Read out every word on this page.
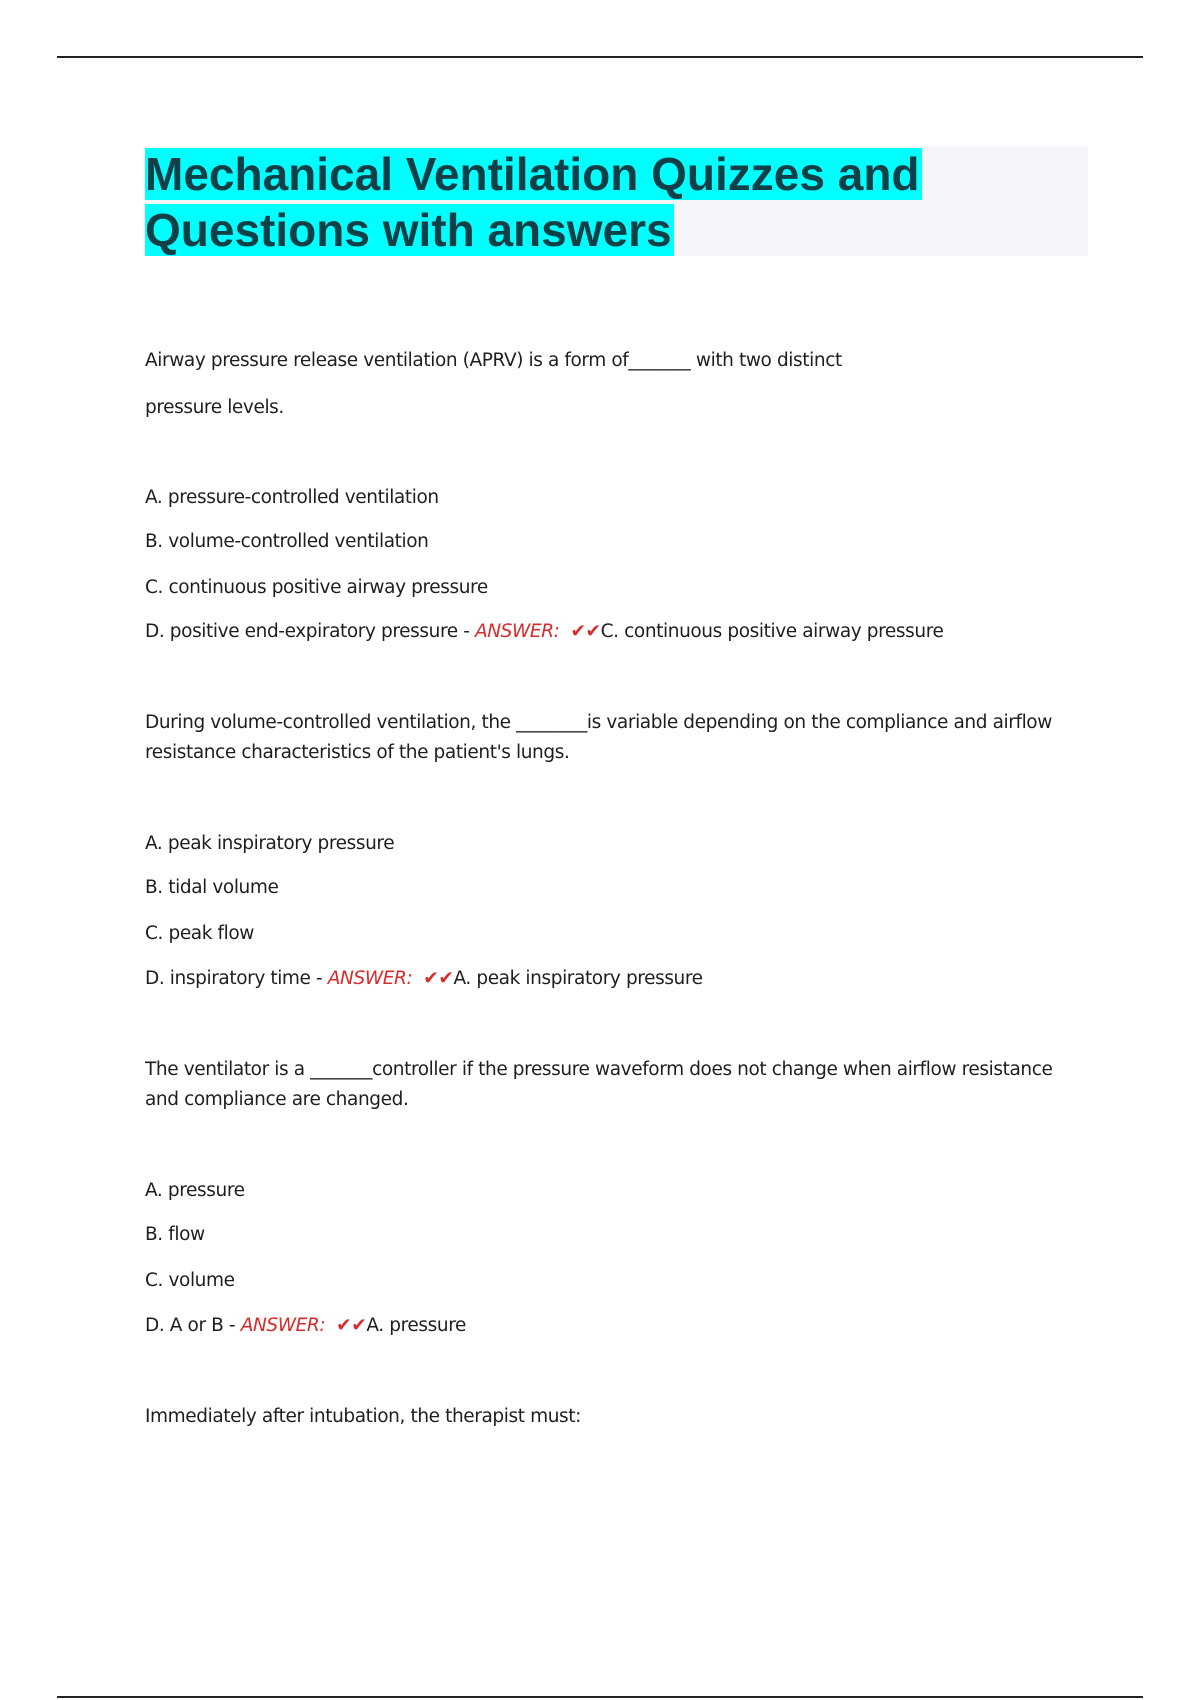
Mechanical Ventilation Quizzes and
Questions with answers

Airway pressure release ventilation (APRV) is a form of_______ with two distinct

pressure levels.

A. pressure-controlled ventilation

B. volume-controlled ventilation

C. continuous positive airway pressure

D. positive end-expiratory pressure - ANSWER: ✔✔C. continuous positive airway pressure

During volume-controlled ventilation, the ________is variable depending on the compliance and airflow

resistance characteristics of the patient's lungs.

A. peak inspiratory pressure

B. tidal volume

C. peak flow

D. inspiratory time - ANSWER: ✔✔A. peak inspiratory pressure

The ventilator is a _______controller if the pressure waveform does not change when airflow resistance

and compliance are changed.

A. pressure

B. flow

C. volume

D. A or B - ANSWER: ✔✔A. pressure

Immediately after intubation, the therapist must:
